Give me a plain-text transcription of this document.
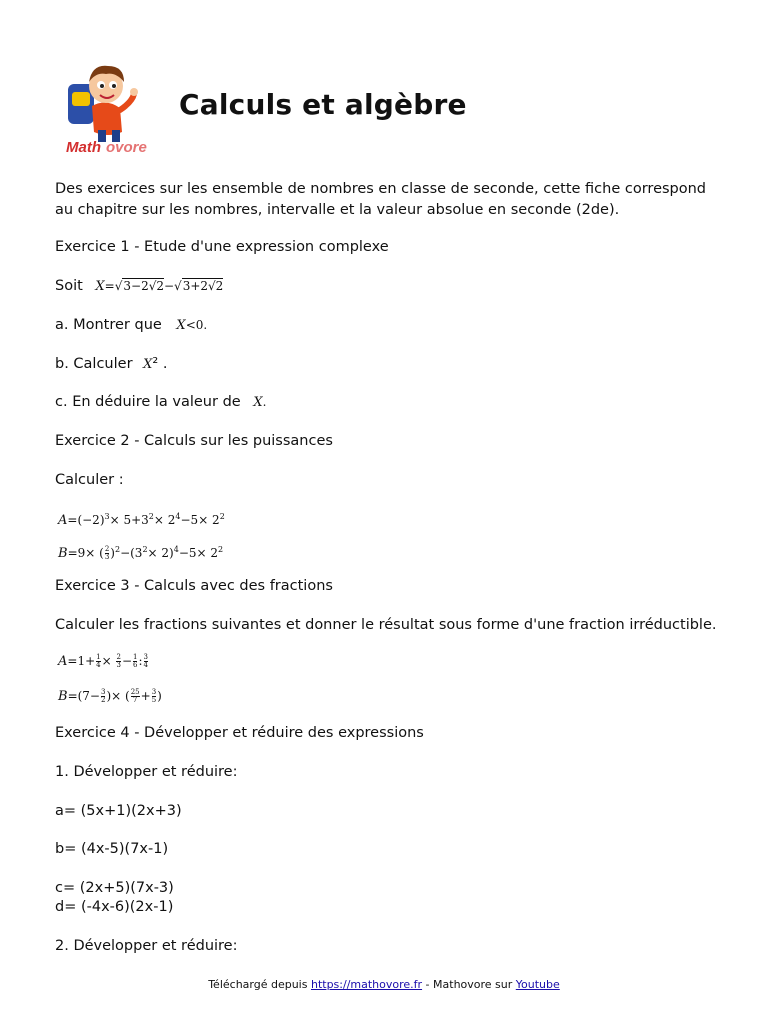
Math ovore
Calculs et algèbre
Des exercices sur les ensemble de nombres en classe de seconde, cette fiche correspond au chapitre sur les nombres, intervalle et la valeur absolue en seconde (2de).
Exercice 1 - Etude d'une expression complexe
Soit X=√3−2√2−√3+2√2
a. Montrer que X<0.
b. Calculer X² .
c. En déduire la valeur de X.
Exercice 2 - Calculs sur les puissances
Calculer :
$A=(-2)^3\times 5+3^2\times 2^4-5\times 2^2$
B=9× ( $\frac{2}{3} )^2-(3^2\times 2)^4-5\times 2^2$
Exercice 3 - Calculs avec des fractions
Calculer les fractions suivantes et donner le résultat sous forme d'une fraction irréductible.
$A=1+ \frac{1}{4} \times \frac{2}{3} - \frac{1}{6}$ : $\frac{3}{4}$
$B=(7- \frac{3}{2}$ )× ( $\frac{25}{7} + \frac{3}{5}$ )
Exercice 4 - Développer et réduire des expressions
1. Développer et réduire:
a= (5x+1)(2x+3)
b= (4x-5)(7x-1)
c= (2x+5)(7x-3)
d= (-4x-6)(2x-1)
2. Développer et réduire:
Téléchargé depuis https://mathovore.fr - Mathovore sur Youtube
